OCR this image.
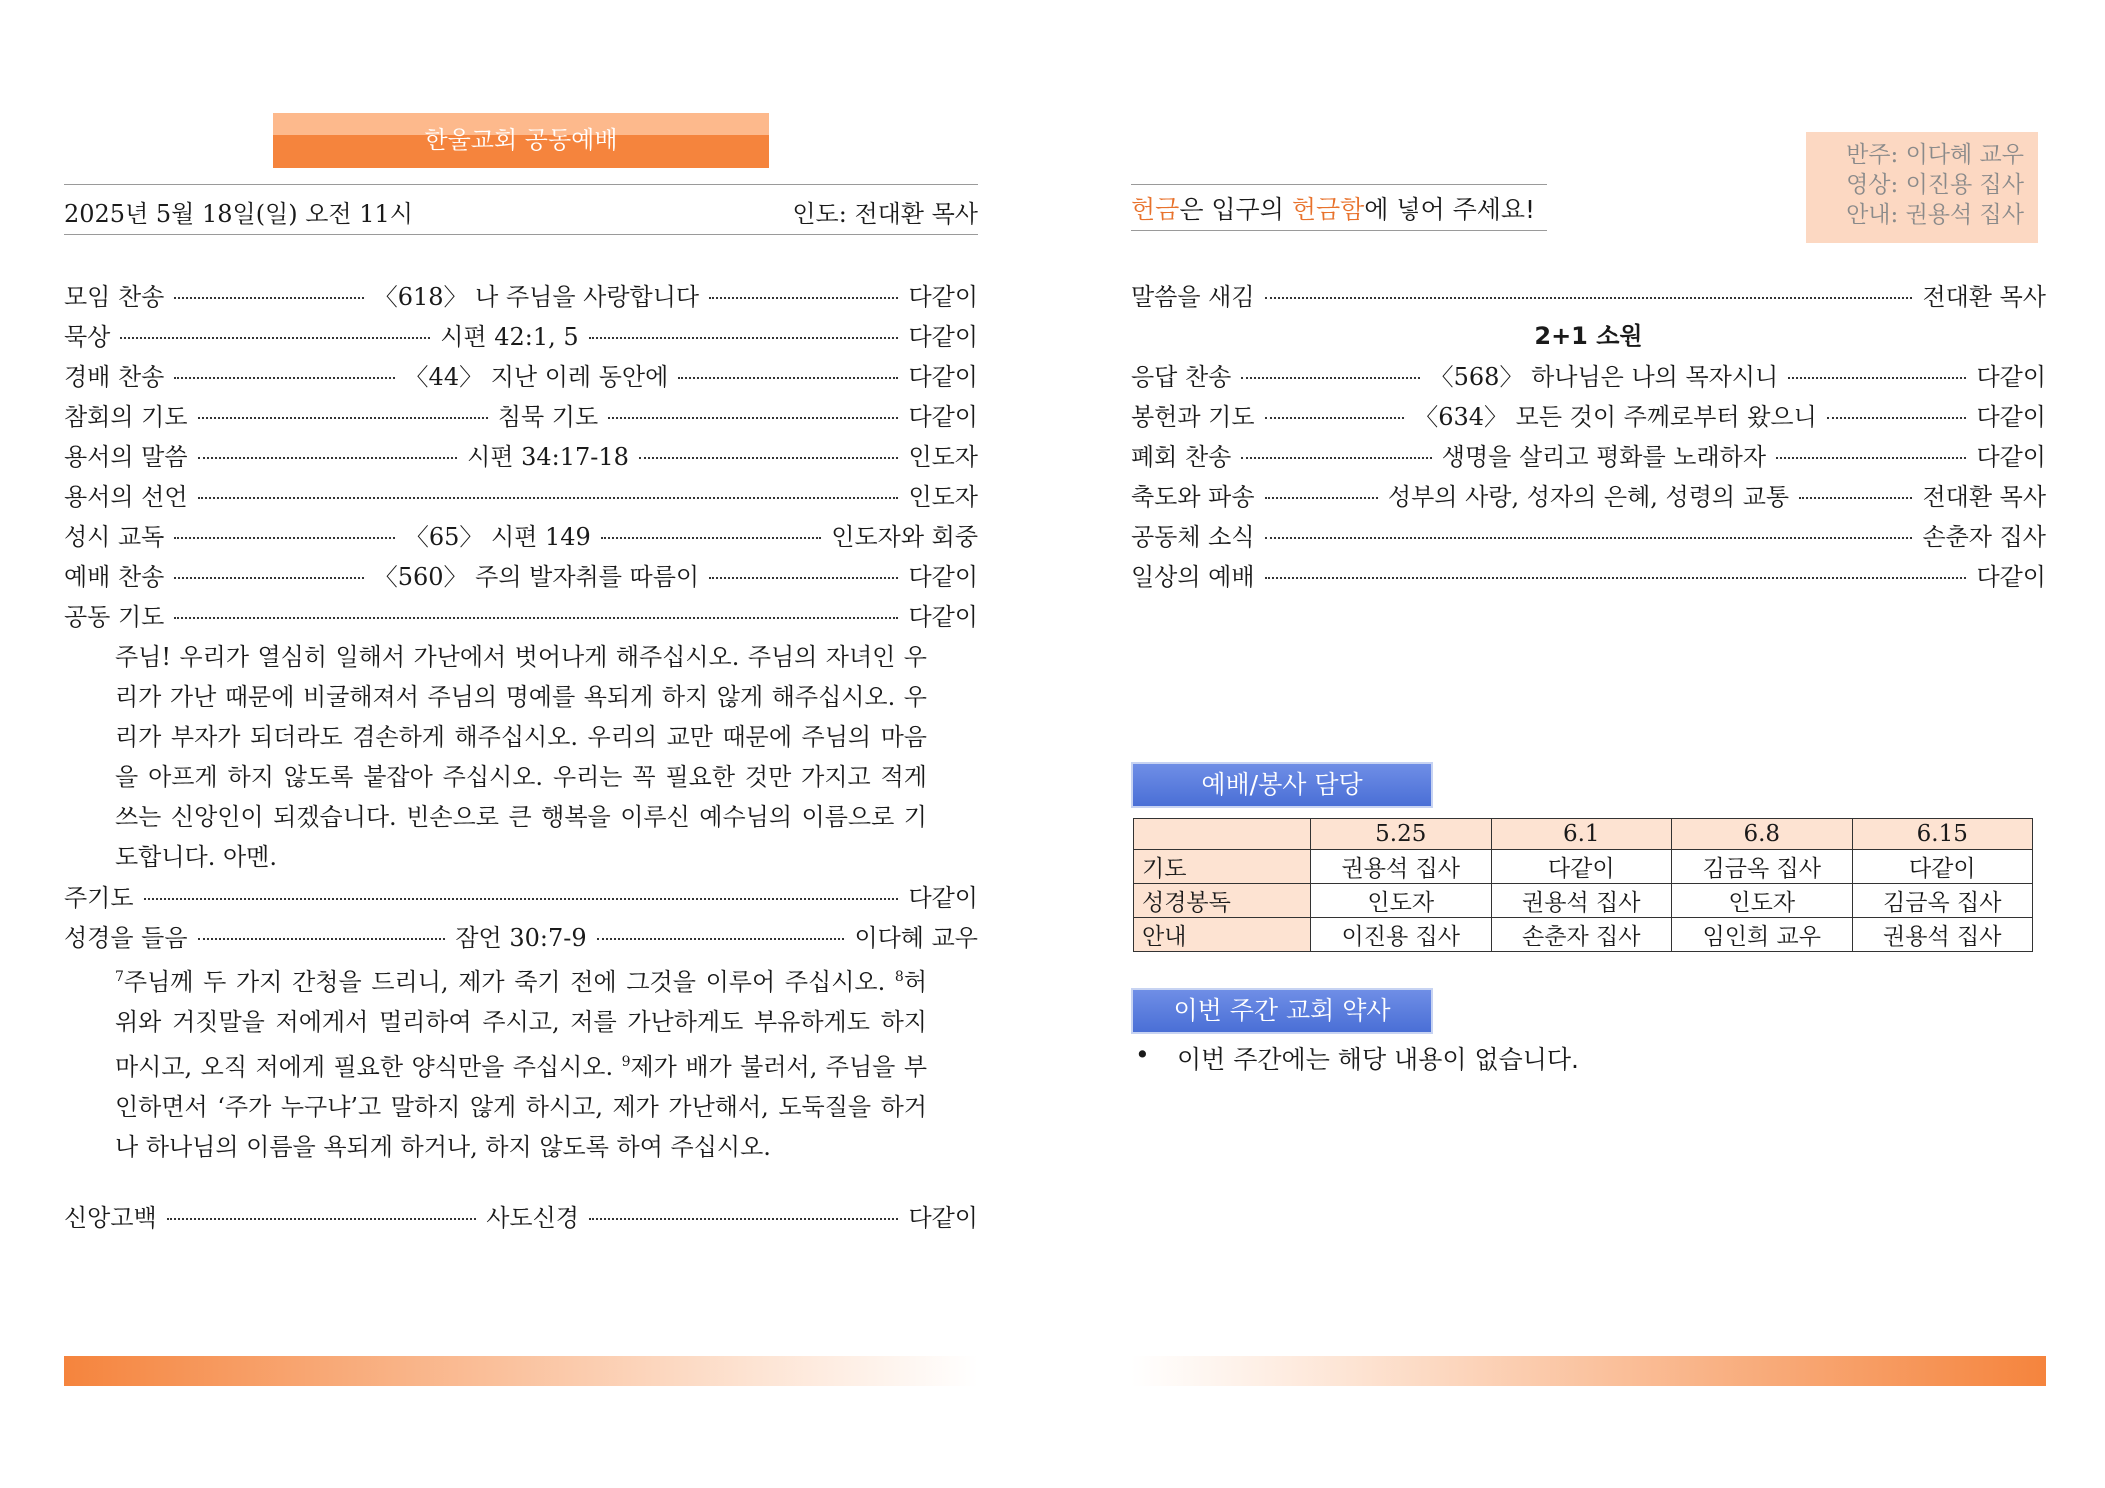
한울교회 공동예배
2025년 5월 18일(일) 오전 11시	인도: 전대환 목사	헌금은 입구의 헌금함에 넣어 주세요!
반주: 이다혜 교우
영상: 이진용 집사
안내: 권용석 집사
모임 찬송	〈618〉 나 주님을 사랑합니다	다같이
묵상	시편 42:1, 5	다같이
경배 찬송	〈44〉 지난 이레 동안에	다같이
참회의 기도	침묵 기도	다같이
용서의 말씀	시편 34:17-18	인도자
용서의 선언	인도자
성시 교독	〈65〉 시편 149	인도자와 회중
예배 찬송	〈560〉 주의 발자취를 따름이	다같이
공동 기도	다같이
주님! 우리가 열심히 일해서 가난에서 벗어나게 해주십시오. 주님의 자녀인 우리가 가난 때문에 비굴해져서 주님의 명예를 욕되게 하지 않게 해주십시오. 우리가 부자가 되더라도 겸손하게 해주십시오. 우리의 교만 때문에 주님의 마음을 아프게 하지 않도록 붙잡아 주십시오. 우리는 꼭 필요한 것만 가지고 적게 쓰는 신앙인이 되겠습니다. 빈손으로 큰 행복을 이루신 예수님의 이름으로 기도합니다. 아멘.
주기도	다같이
성경을 들음	잠언 30:7-9	이다혜 교우
$^7$주님께 두 가지 간청을 드리니, 제가 죽기 전에 그것을 이루어 주십시오. $^8$허위와 거짓말을 저에게서 멀리하여 주시고, 저를 가난하게도 부유하게도 하지 마시고, 오직 저에게 필요한 양식만을 주십시오. $^9$제가 배가 불러서, 주님을 부인하면서 ‘주가 누구냐’고 말하지 않게 하시고, 제가 가난해서, 도둑질을 하거나 하나님의 이름을 욕되게 하거나, 하지 않도록 하여 주십시오.
신앙고백	사도신경	다같이
말씀을 새김	전대환 목사
2+1 소원
응답 찬송	〈568〉 하나님은 나의 목자시니	다같이
봉헌과 기도	〈634〉 모든 것이 주께로부터 왔으니	다같이
폐회 찬송	생명을 살리고 평화를 노래하자	다같이
축도와 파송	성부의 사랑, 성자의 은혜, 성령의 교통	전대환 목사
공동체 소식	손춘자 집사
일상의 예배	다같이
예배/봉사 담당
	5.25	6.1	6.8	6.15
기도	권용석 집사	다같이	김금옥 집사	다같이
성경봉독	인도자	권용석 집사	인도자	김금옥 집사
안내	이진용 집사	손춘자 집사	임인희 교우	권용석 집사
이번 주간 교회 약사
•	이번 주간에는 해당 내용이 없습니다.
